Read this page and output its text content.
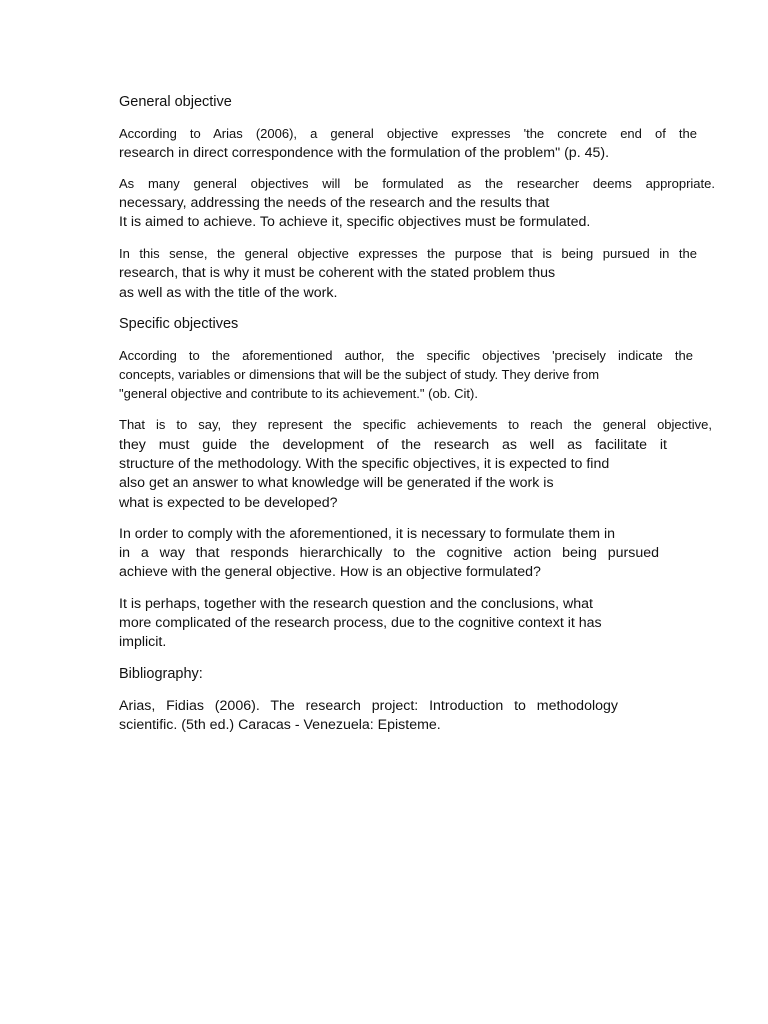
General objective
According to Arias (2006), a general objective expresses 'the concrete end of the
research in direct correspondence with the formulation of the problem" (p. 45).
As many general objectives will be formulated as the researcher deems appropriate.
necessary, addressing the needs of the research and the results that
It is aimed to achieve. To achieve it, specific objectives must be formulated.
In this sense, the general objective expresses the purpose that is being pursued in the
research, that is why it must be coherent with the stated problem thus
as well as with the title of the work.
Specific objectives
According to the aforementioned author, the specific objectives 'precisely indicate the
concepts, variables or dimensions that will be the subject of study. They derive from
"general objective and contribute to its achievement." (ob. Cit).
That is to say, they represent the specific achievements to reach the general objective,
they must guide the development of the research as well as facilitate it
structure of the methodology. With the specific objectives, it is expected to find
also get an answer to what knowledge will be generated if the work is
what is expected to be developed?
In order to comply with the aforementioned, it is necessary to formulate them in
in a way that responds hierarchically to the cognitive action being pursued
achieve with the general objective. How is an objective formulated?
It is perhaps, together with the research question and the conclusions, what
more complicated of the research process, due to the cognitive context it has
implicit.
Bibliography:
Arias, Fidias (2006). The research project: Introduction to methodology
scientific. (5th ed.) Caracas - Venezuela: Episteme.
